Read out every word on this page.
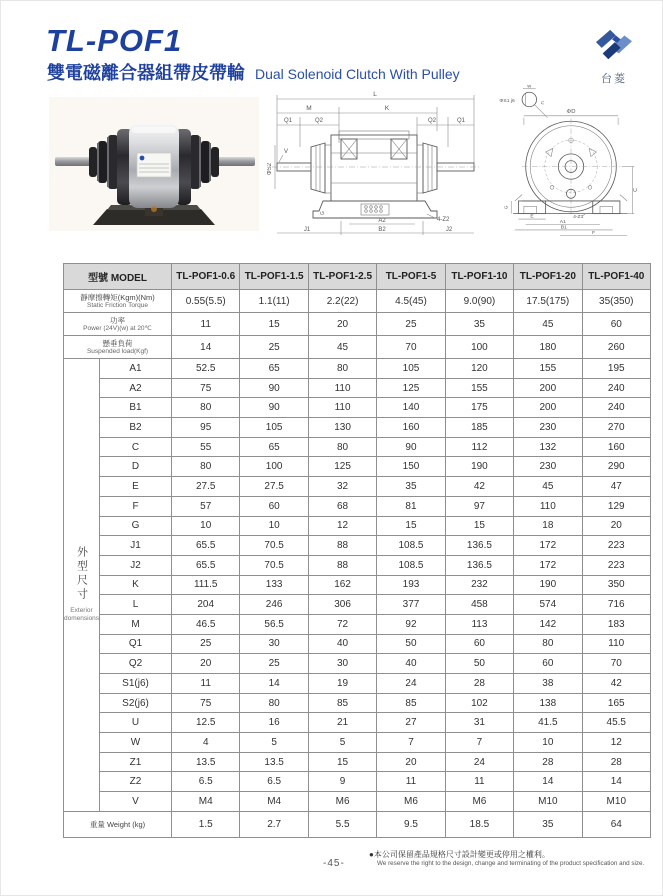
TL-POF1
雙電磁離合器組帶皮帶輪 Dual Solenoid Clutch With Pulley	台菱
L
M	K
Q1	Q2	Q2	Q1
ΦS2
V
G
A2	4-Z2
J1	B2	J2
W
U
ΦS1 j6
ΦD
C
G
E	4-Z1
A1
B1
F
型號 MODEL		TL-POF1-0.6	TL-POF1-1.5	TL-POF1-2.5	TL-POF1-5	TL-POF1-10	TL-POF1-20	TL-POF1-40

靜摩擦轉矩(Kgm)(Nm)
Static Friction Torque		0.55(5.5)	1.1(11)	2.2(22)	4.5(45)	9.0(90)	17.5(175)	35(350)

功率
Power (24V)(w) at 20℃		11	15	20	25	35	45	60

懸垂負荷
Suspended load(Kgf)		14	25	45	70	100	180	260

外型尺寸
Exterior domensions	A1	52.5	65	80	105	120	155	195
	A2	75	90	110	125	155	200	240
	B1	80	90	110	140	175	200	240
	B2	95	105	130	160	185	230	270
	C	55	65	80	90	112	132	160
	D	80	100	125	150	190	230	290
	E	27.5	27.5	32	35	42	45	47
	F	57	60	68	81	97	110	129
	G	10	10	12	15	15	18	20
	J1	65.5	70.5	88	108.5	136.5	172	223
	J2	65.5	70.5	88	108.5	136.5	172	223
	K	111.5	133	162	193	232	190	350
	L	204	246	306	377	458	574	716
	M	46.5	56.5	72	92	113	142	183
	Q1	25	30	40	50	60	80	110
	Q2	20	25	30	40	50	60	70
	S1(j6)	11	14	19	24	28	38	42
	S2(j6)	75	80	85	85	102	138	165
	U	12.5	16	21	27	31	41.5	45.5
	W	4	5	5	7	7	10	12
	Z1	13.5	13.5	15	20	24	28	28
	Z2	6.5	6.5	9	11	11	14	14
	V	M4	M4	M6	M6	M6	M10	M10
重量 Weight (kg)		1.5	2.7	5.5	9.5	18.5	35	64
-45-
●本公司保留產品規格尺寸設計變更或停用之權利。
We reserve the right to the design, change and terminating of the product specification and size.
